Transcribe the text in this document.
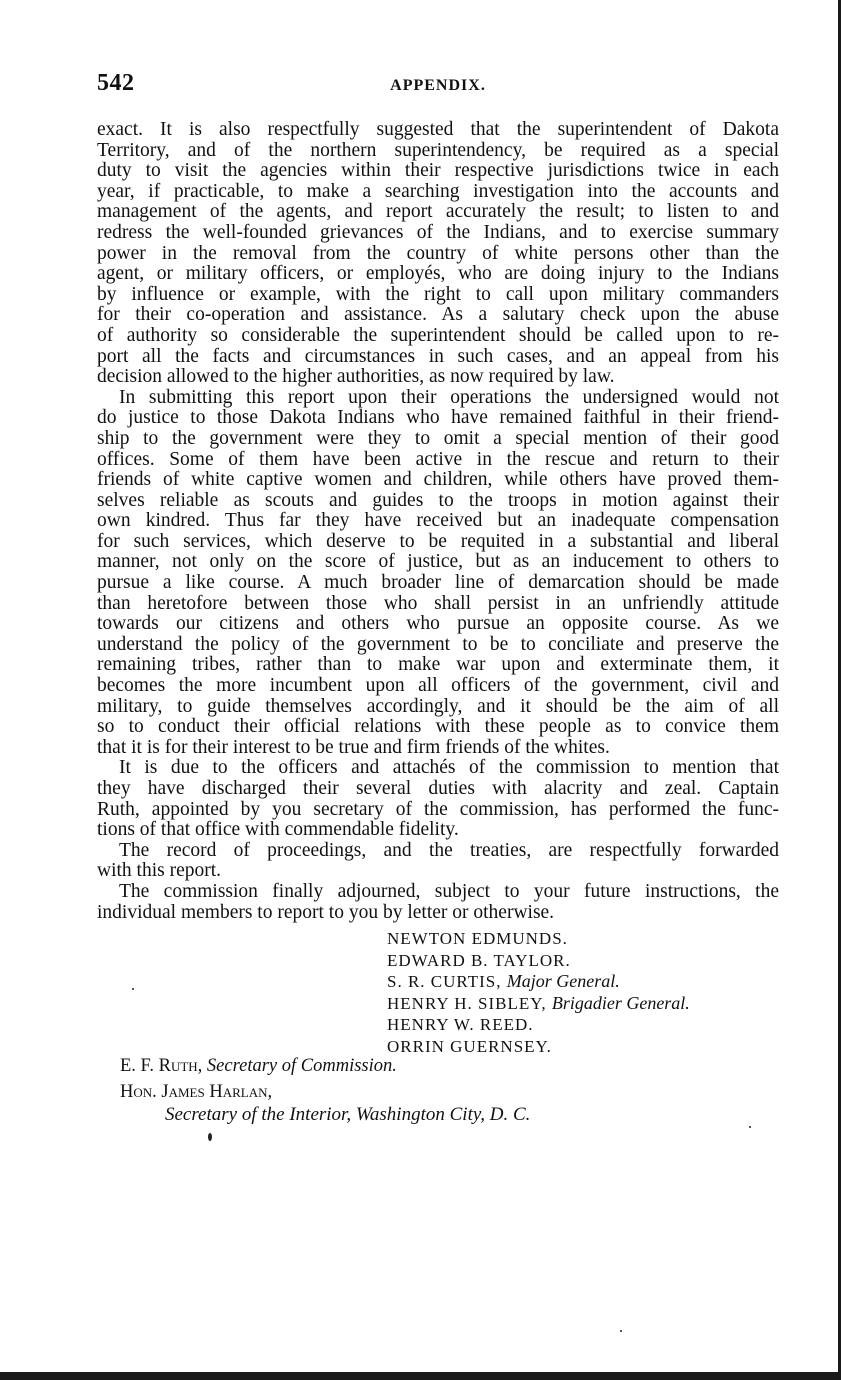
542	APPENDIX.
exact. It is also respectfully suggested that the superintendent of Dakota
Territory, and of the northern superintendency, be required as a special
duty to visit the agencies within their respective jurisdictions twice in each
year, if practicable, to make a searching investigation into the accounts and
management of the agents, and report accurately the result; to listen to and
redress the well-founded grievances of the Indians, and to exercise summary
power in the removal from the country of white persons other than the
agent, or military officers, or employés, who are doing injury to the Indians
by influence or example, with the right to call upon military commanders
for their co-operation and assistance. As a salutary check upon the abuse
of authority so considerable the superintendent should be called upon to re-
port all the facts and circumstances in such cases, and an appeal from his
decision allowed to the higher authorities, as now required by law.
In submitting this report upon their operations the undersigned would not
do justice to those Dakota Indians who have remained faithful in their friend-
ship to the government were they to omit a special mention of their good
offices. Some of them have been active in the rescue and return to their
friends of white captive women and children, while others have proved them-
selves reliable as scouts and guides to the troops in motion against their
own kindred. Thus far they have received but an inadequate compensation
for such services, which deserve to be requited in a substantial and liberal
manner, not only on the score of justice, but as an inducement to others to
pursue a like course. A much broader line of demarcation should be made
than heretofore between those who shall persist in an unfriendly attitude
towards our citizens and others who pursue an opposite course. As we
understand the policy of the government to be to conciliate and preserve the
remaining tribes, rather than to make war upon and exterminate them, it
becomes the more incumbent upon all officers of the government, civil and
military, to guide themselves accordingly, and it should be the aim of all
so to conduct their official relations with these people as to convice them
that it is for their interest to be true and firm friends of the whites.
It is due to the officers and attachés of the commission to mention that
they have discharged their several duties with alacrity and zeal. Captain
Ruth, appointed by you secretary of the commission, has performed the func-
tions of that office with commendable fidelity.
The record of proceedings, and the treaties, are respectfully forwarded
with this report.
The commission finally adjourned, subject to your future instructions, the
individual members to report to you by letter or otherwise.
NEWTON EDMUNDS.
EDWARD B. TAYLOR.
S. R. CURTIS, Major General.
HENRY H. SIBLEY, Brigadier General.
HENRY W. REED.
ORRIN GUERNSEY.
E. F. Ruth, Secretary of Commission.
Hon. James Harlan,
Secretary of the Interior, Washington City, D. C.
